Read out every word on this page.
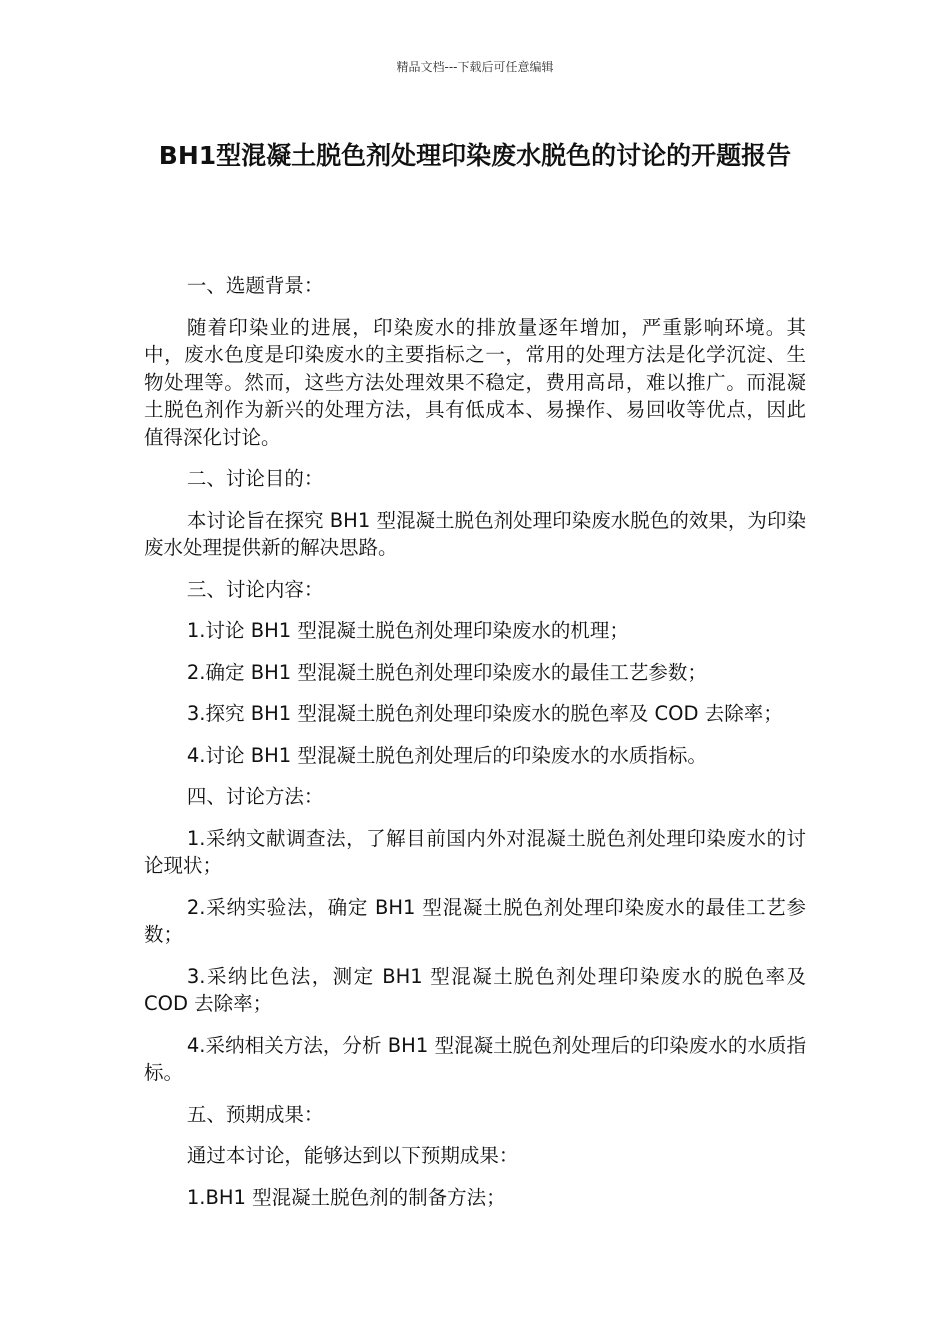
精品文档---下载后可任意编辑
BH1型混凝土脱色剂处理印染废水脱色的讨论的开题报告
一、选题背景：
随着印染业的进展，印染废水的排放量逐年增加，严重影响环境。其中，废水色度是印染废水的主要指标之一，常用的处理方法是化学沉淀、生物处理等。然而，这些方法处理效果不稳定，费用高昂，难以推广。而混凝土脱色剂作为新兴的处理方法，具有低成本、易操作、易回收等优点，因此值得深化讨论。
二、讨论目的：
本讨论旨在探究 BH1 型混凝土脱色剂处理印染废水脱色的效果，为印染废水处理提供新的解决思路。
三、讨论内容：
1.讨论 BH1 型混凝土脱色剂处理印染废水的机理；
2.确定 BH1 型混凝土脱色剂处理印染废水的最佳工艺参数；
3.探究 BH1 型混凝土脱色剂处理印染废水的脱色率及 COD 去除率；
4.讨论 BH1 型混凝土脱色剂处理后的印染废水的水质指标。
四、讨论方法：
1.采纳文献调查法，了解目前国内外对混凝土脱色剂处理印染废水的讨论现状；
2.采纳实验法，确定 BH1 型混凝土脱色剂处理印染废水的最佳工艺参数；
3.采纳比色法，测定 BH1 型混凝土脱色剂处理印染废水的脱色率及 COD 去除率；
4.采纳相关方法，分析 BH1 型混凝土脱色剂处理后的印染废水的水质指标。
五、预期成果：
通过本讨论，能够达到以下预期成果：
1.BH1 型混凝土脱色剂的制备方法；
